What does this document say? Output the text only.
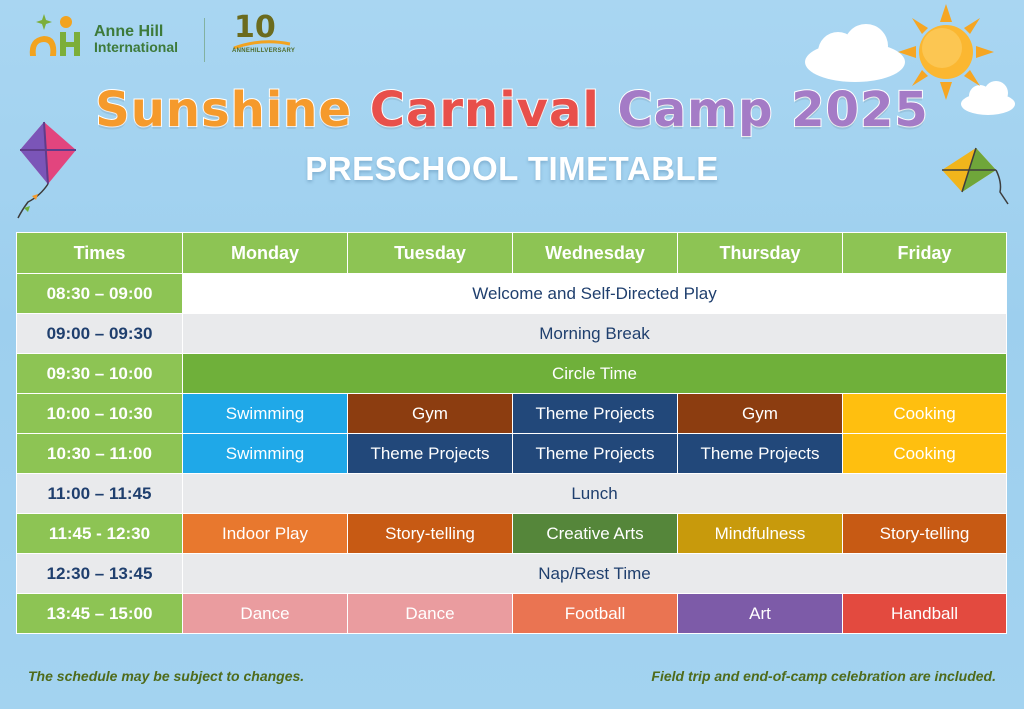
Anne Hill
International
10
ANNEHILLVERSARY
Sunshine Carnival Camp 2025
PRESCHOOL TIMETABLE
Times	Monday	Tuesday	Wednesday	Thursday	Friday
08:30 – 09:00	Welcome and Self-Directed Play				
09:00 – 09:30	Morning Break				
09:30 – 10:00	Circle Time				
10:00 – 10:30	Swimming	Gym	Theme Projects	Gym	Cooking
10:30 – 11:00	Swimming	Theme Projects	Theme Projects	Theme Projects	Cooking
11:00 – 11:45	Lunch				
11:45 - 12:30	Indoor Play	Story-telling	Creative Arts	Mindfulness	Story-telling
12:30 – 13:45	Nap/Rest Time				
13:45 – 15:00	Dance	Dance	Football	Art	Handball
The schedule may be subject to changes.	Field trip and end-of-camp celebration are included.
